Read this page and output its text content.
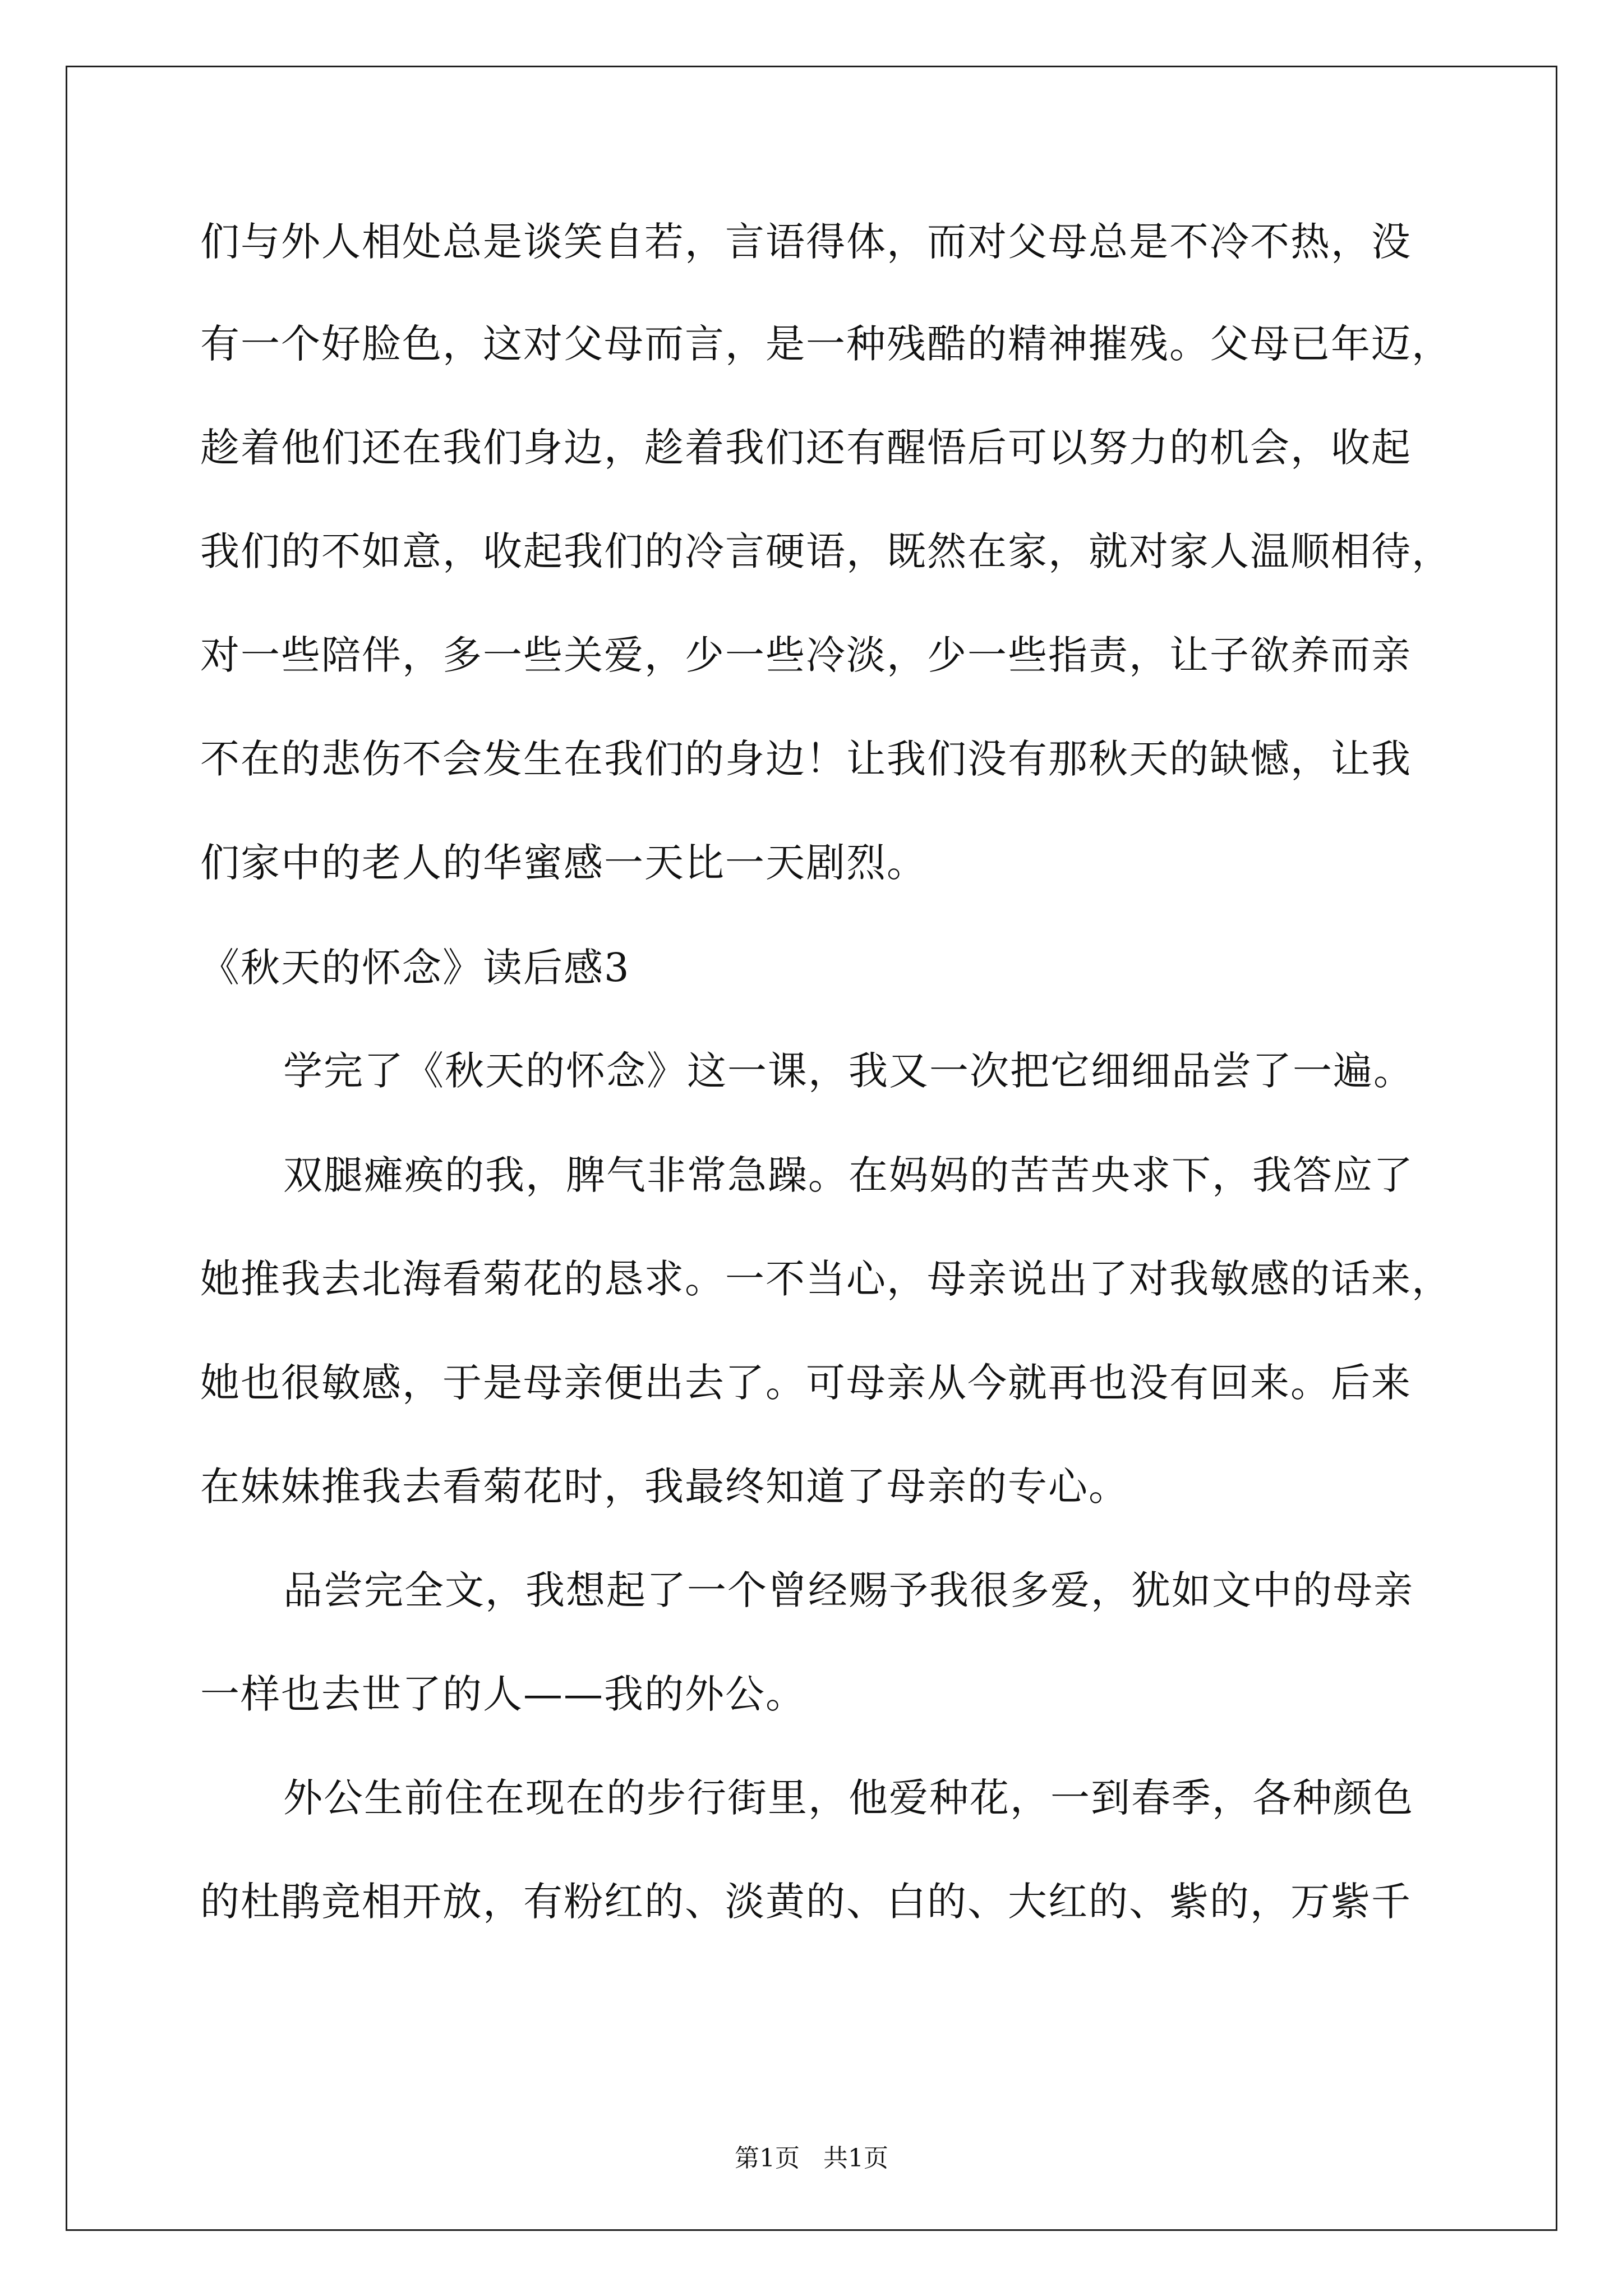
们与外人相处总是谈笑自若，言语得体，而对父母总是不冷不热，没
有一个好脸色，这对父母而言，是一种残酷的精神摧残。父母已年迈，
趁着他们还在我们身边，趁着我们还有醒悟后可以努力的机会，收起
我们的不如意，收起我们的冷言硬语，既然在家，就对家人温顺相待，
对一些陪伴，多一些关爱，少一些冷淡，少一些指责，让子欲养而亲
不在的悲伤不会发生在我们的身边！让我们没有那秋天的缺憾，让我
们家中的老人的华蜜感一天比一天剧烈。
《秋天的怀念》读后感3
学完了《秋天的怀念》这一课，我又一次把它细细品尝了一遍。
双腿瘫痪的我，脾气非常急躁。在妈妈的苦苦央求下，我答应了
她推我去北海看菊花的恳求。一不当心，母亲说出了对我敏感的话来，
她也很敏感，于是母亲便出去了。可母亲从今就再也没有回来。后来
在妹妹推我去看菊花时，我最终知道了母亲的专心。
品尝完全文，我想起了一个曾经赐予我很多爱，犹如文中的母亲
一样也去世了的人——我的外公。
外公生前住在现在的步行街里，他爱种花，一到春季，各种颜色
的杜鹃竞相开放，有粉红的、淡黄的、白的、大红的、紫的，万紫千
第1页   共1页
